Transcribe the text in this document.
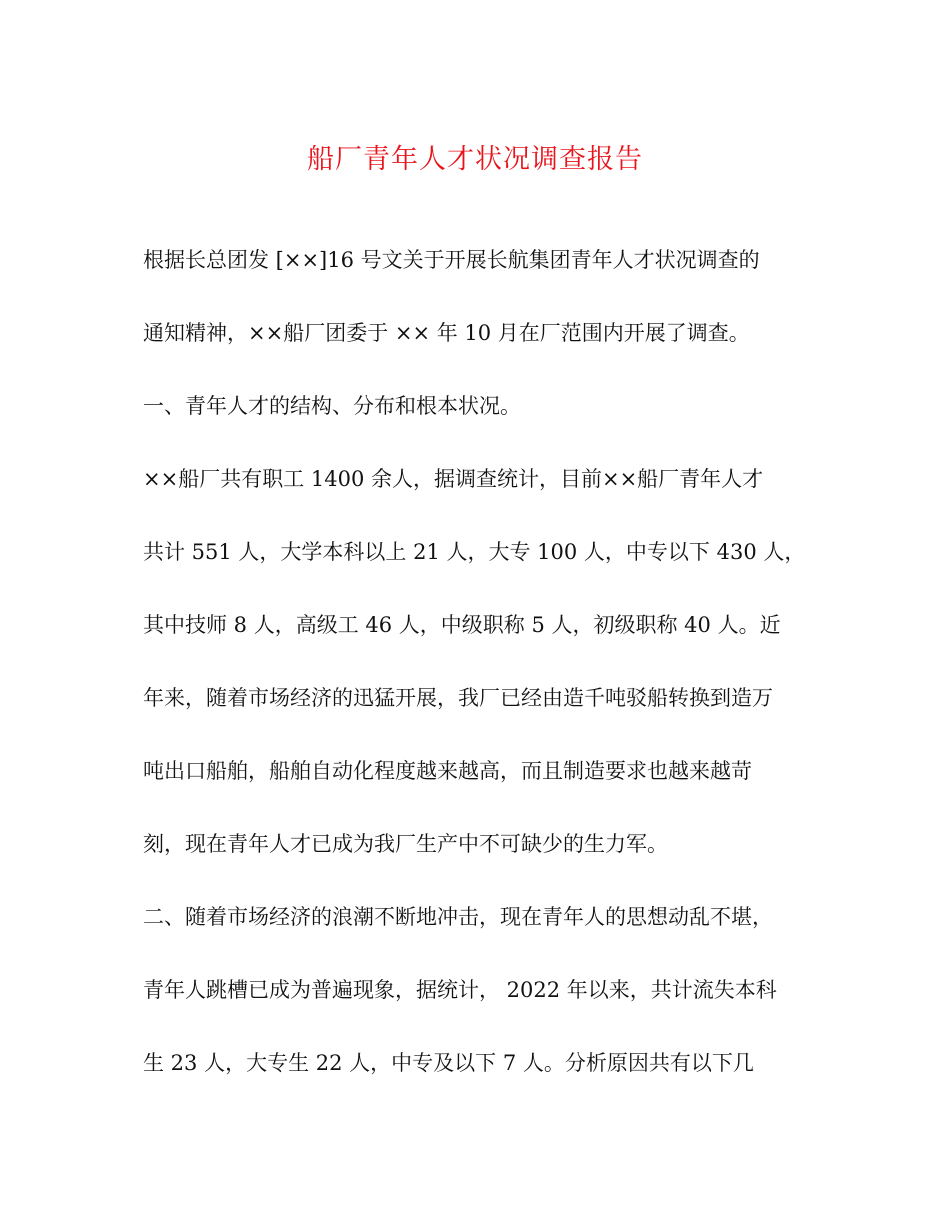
船厂青年人才状况调查报告
根据长总团发 [××]16 号文关于开展长航集团青年人才状况调查的
通知精神，××船厂团委于 ×× 年 10 月在厂范围内开展了调查。
一、青年人才的结构、分布和根本状况。
××船厂共有职工 1400 余人，据调查统计，目前××船厂青年人才
共计 551 人，大学本科以上 21 人，大专 100 人，中专以下 430 人，
其中技师 8 人，高级工 46 人，中级职称 5 人，初级职称 40 人。近
年来，随着市场经济的迅猛开展，我厂已经由造千吨驳船转换到造万
吨出口船舶，船舶自动化程度越来越高，而且制造要求也越来越苛
刻，现在青年人才已成为我厂生产中不可缺少的生力军。
二、随着市场经济的浪潮不断地冲击，现在青年人的思想动乱不堪，
青年人跳槽已成为普遍现象，据统计， 2022 年以来，共计流失本科
生 23 人，大专生 22 人，中专及以下 7 人。分析原因共有以下几
